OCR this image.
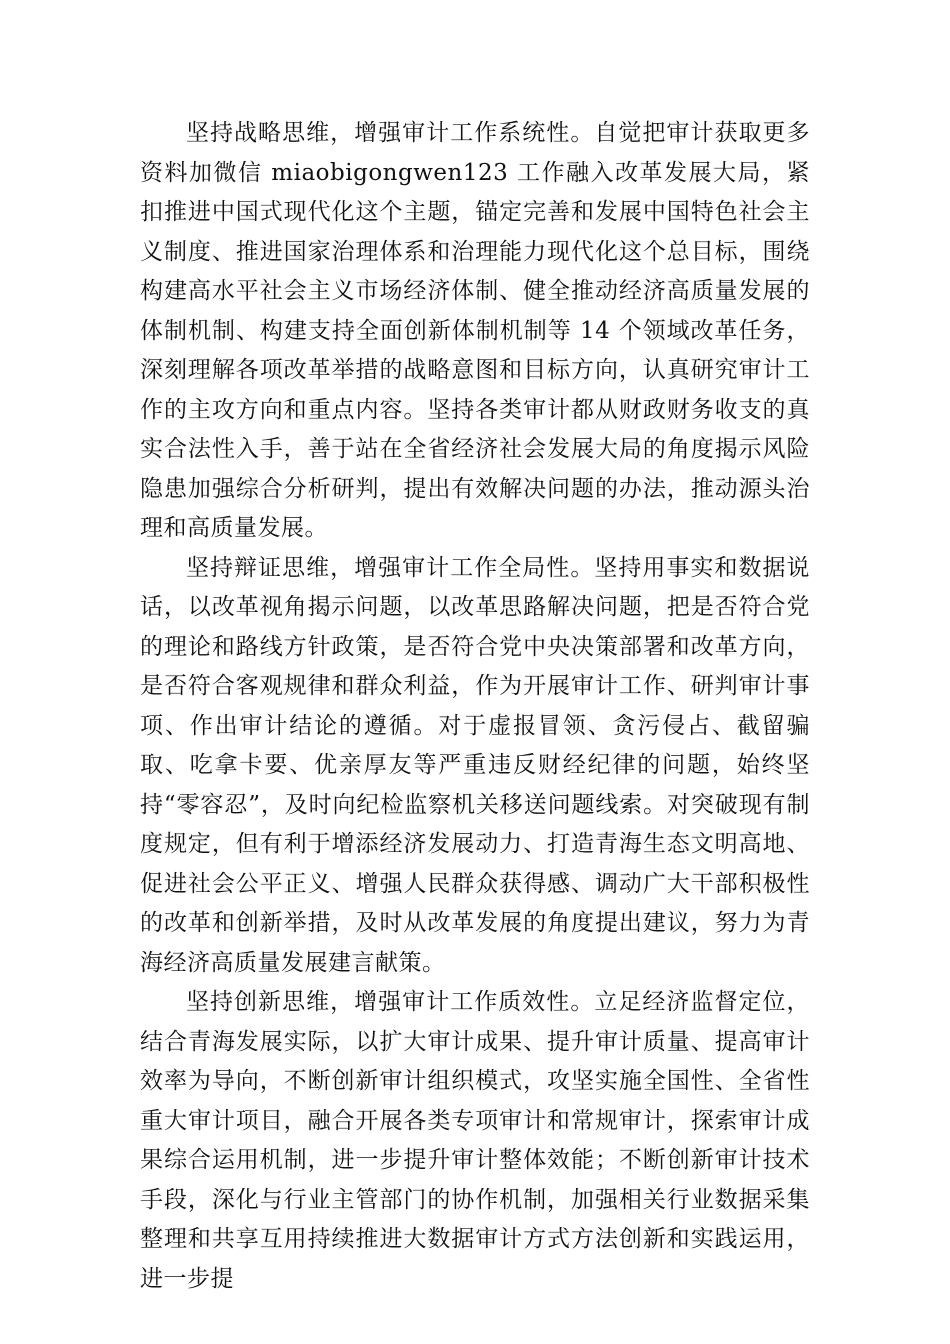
坚持战略思维，增强审计工作系统性。自觉把审计获取更多资料加微信 miaobigongwen123 工作融入改革发展大局，紧扣推进中国式现代化这个主题，锚定完善和发展中国特色社会主义制度、推进国家治理体系和治理能力现代化这个总目标，围绕构建高水平社会主义市场经济体制、健全推动经济高质量发展的体制机制、构建支持全面创新体制机制等 14 个领域改革任务，深刻理解各项改革举措的战略意图和目标方向，认真研究审计工作的主攻方向和重点内容。坚持各类审计都从财政财务收支的真实合法性入手，善于站在全省经济社会发展大局的角度揭示风险隐患加强综合分析研判，提出有效解决问题的办法，推动源头治理和高质量发展。

坚持辩证思维，增强审计工作全局性。坚持用事实和数据说话，以改革视角揭示问题，以改革思路解决问题，把是否符合党的理论和路线方针政策，是否符合党中央决策部署和改革方向，是否符合客观规律和群众利益，作为开展审计工作、研判审计事项、作出审计结论的遵循。对于虚报冒领、贪污侵占、截留骗取、吃拿卡要、优亲厚友等严重违反财经纪律的问题，始终坚持“零容忍”，及时向纪检监察机关移送问题线索。对突破现有制度规定，但有利于增添经济发展动力、打造青海生态文明高地、促进社会公平正义、增强人民群众获得感、调动广大干部积极性的改革和创新举措，及时从改革发展的角度提出建议，努力为青海经济高质量发展建言献策。

坚持创新思维，增强审计工作质效性。立足经济监督定位，结合青海发展实际，以扩大审计成果、提升审计质量、提高审计效率为导向，不断创新审计组织模式，攻坚实施全国性、全省性重大审计项目，融合开展各类专项审计和常规审计，探索审计成果综合运用机制，进一步提升审计整体效能；不断创新审计技术手段，深化与行业主管部门的协作机制，加强相关行业数据采集整理和共享互用持续推进大数据审计方式方法创新和实践运用，进一步提
